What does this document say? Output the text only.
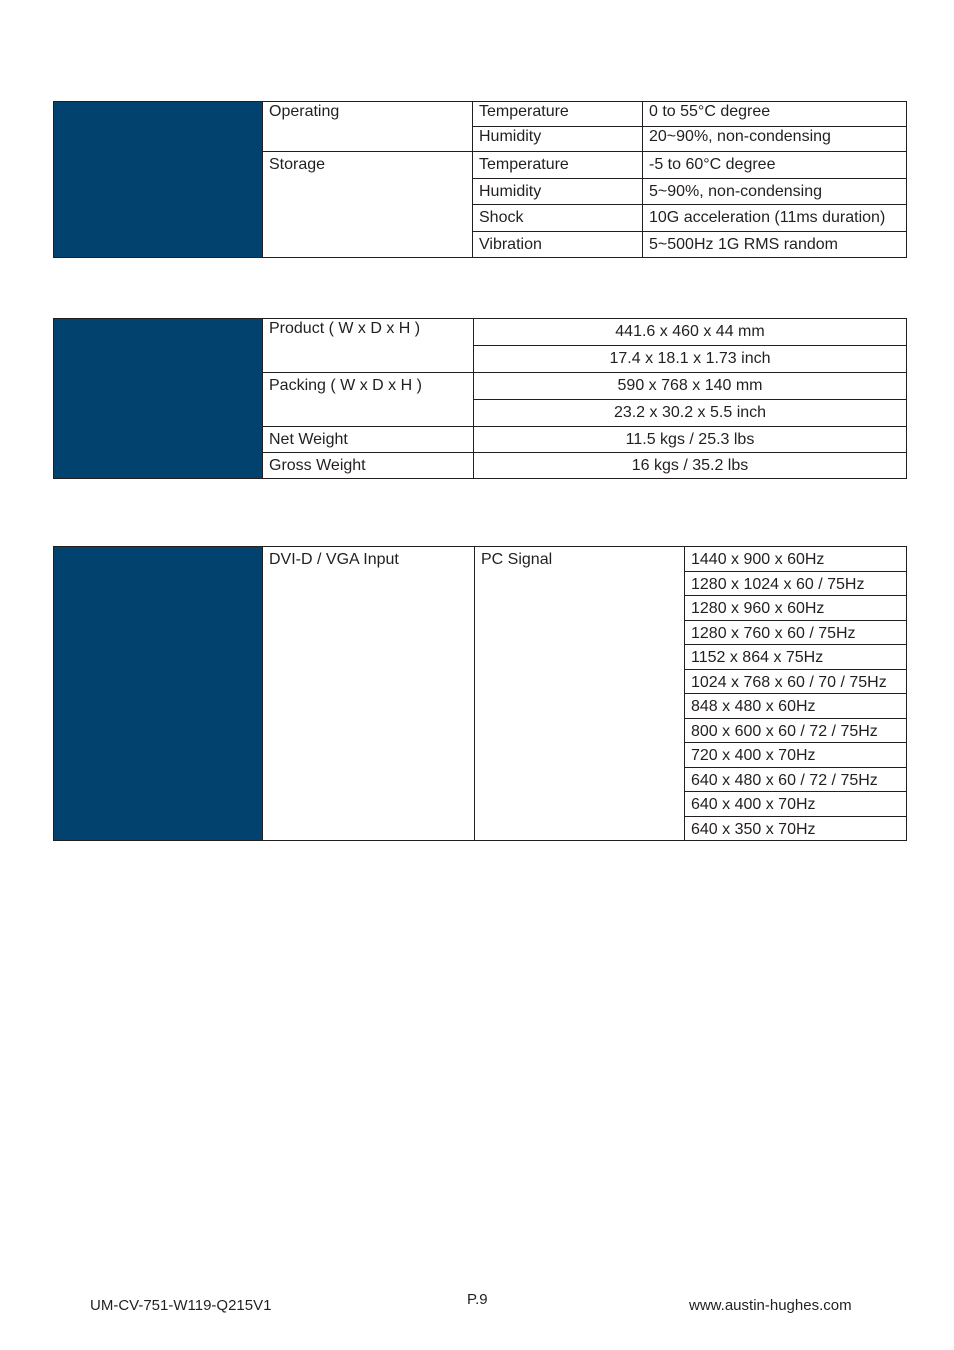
	Operating	Temperature	0 to 55°C degree
		Humidity	20~90%, non-condensing
	Storage	Temperature	-5 to 60°C degree
		Humidity	5~90%, non-condensing
		Shock	10G acceleration (11ms duration)
		Vibration	5~500Hz 1G RMS random
	Product ( W x D x H )	441.6 x 460 x 44 mm
		17.4 x 18.1 x 1.73 inch
	Packing ( W x D x H )	590 x 768 x 140 mm
		23.2 x 30.2 x 5.5 inch
	Net Weight	11.5 kgs / 25.3 lbs
	Gross Weight	16 kgs / 35.2 lbs
	DVI-D / VGA Input	PC Signal	1440 x 900 x 60Hz
1280 x 1024 x 60 / 75Hz
1280 x 960 x 60Hz
1280 x 760 x 60 / 75Hz
1152 x 864 x 75Hz
1024 x 768 x 60 / 70 / 75Hz
848 x 480 x 60Hz
800 x 600 x 60 / 72 / 75Hz
720 x 400 x 70Hz
640 x 480 x 60 / 72 / 75Hz
640 x 400 x 70Hz
640 x 350 x 70Hz
UM-CV-751-W119-Q215V1	P.9	www.austin-hughes.com
